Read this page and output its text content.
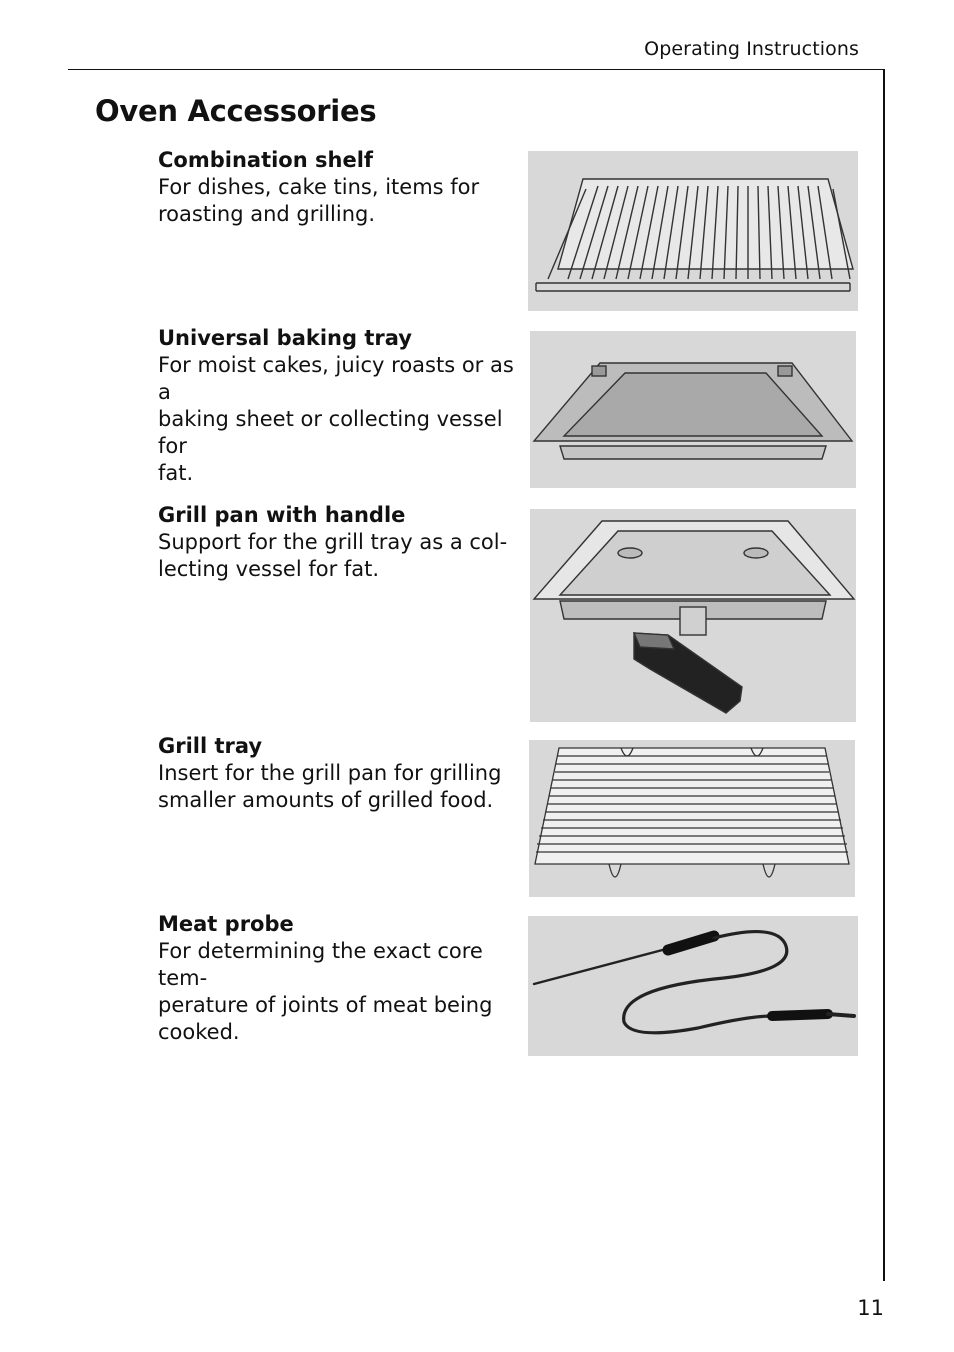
Operating Instructions
Oven Accessories

Combination shelf

For dishes, cake tins, items for
roasting and grilling.

Universal baking tray

For moist cakes, juicy roasts or as a
baking sheet or collecting vessel for
fat.

Grill pan with handle

Support for the grill tray as a col-
lecting vessel for fat.

Grill tray

Insert for the grill pan for grilling
smaller amounts of grilled food.

Meat probe

For determining the exact core tem-
perature of joints of meat being
cooked.

11
